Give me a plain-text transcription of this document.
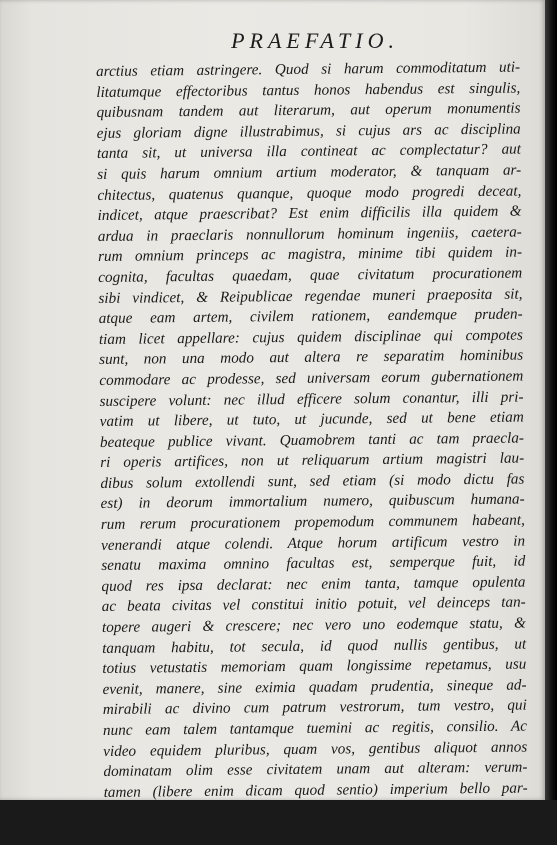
PRAEFATIO.
arctius etiam astringere. Quod si harum commoditatum uti-
litatumque effectoribus tantus honos habendus est singulis,
quibusnam tandem aut literarum, aut operum monumentis
ejus gloriam digne illustrabimus, si cujus ars ac disciplina
tanta sit, ut universa illa contineat ac complectatur? aut
si quis harum omnium artium moderator, & tanquam ar-
chitectus, quatenus quanque, quoque modo progredi deceat,
indicet, atque praescribat? Est enim difficilis illa quidem &
ardua in praeclaris nonnullorum hominum ingeniis, caetera-
rum omnium princeps ac magistra, minime tibi quidem in-
cognita, facultas quaedam, quae civitatum procurationem
sibi vindicet, & Reipublicae regendae muneri praeposita sit,
atque eam artem, civilem rationem, eandemque pruden-
tiam licet appellare: cujus quidem disciplinae qui compotes
sunt, non una modo aut altera re separatim hominibus
commodare ac prodesse, sed universam eorum gubernationem
suscipere volunt: nec illud efficere solum conantur, illi pri-
vatim ut libere, ut tuto, ut jucunde, sed ut bene etiam
beateque publice vivant. Quamobrem tanti ac tam praecla-
ri operis artifices, non ut reliquarum artium magistri lau-
dibus solum extollendi sunt, sed etiam (si modo dictu fas
est) in deorum immortalium numero, quibuscum humana-
rum rerum procurationem propemodum communem habeant,
venerandi atque colendi. Atque horum artificum vestro in
senatu maxima omnino facultas est, semperque fuit, id
quod res ipsa declarat: nec enim tanta, tamque opulenta
ac beata civitas vel constitui initio potuit, vel deinceps tan-
topere augeri & crescere; nec vero uno eodemque statu, &
tanquam habitu, tot secula, id quod nullis gentibus, ut
totius vetustatis memoriam quam longissime repetamus, usu
evenit, manere, sine eximia quadam prudentia, sineque ad-
mirabili ac divino cum patrum vestrorum, tum vestro, qui
nunc eam talem tantamque tuemini ac regitis, consilio. Ac
video equidem pluribus, quam vos, gentibus aliquot annos
dominatam olim esse civitatem unam aut alteram: verum-
tamen (libere enim dicam quod sentio) imperium bello par-
tum saepe feritatem, saepe violentiam atque injustitiam, for-
tunae
